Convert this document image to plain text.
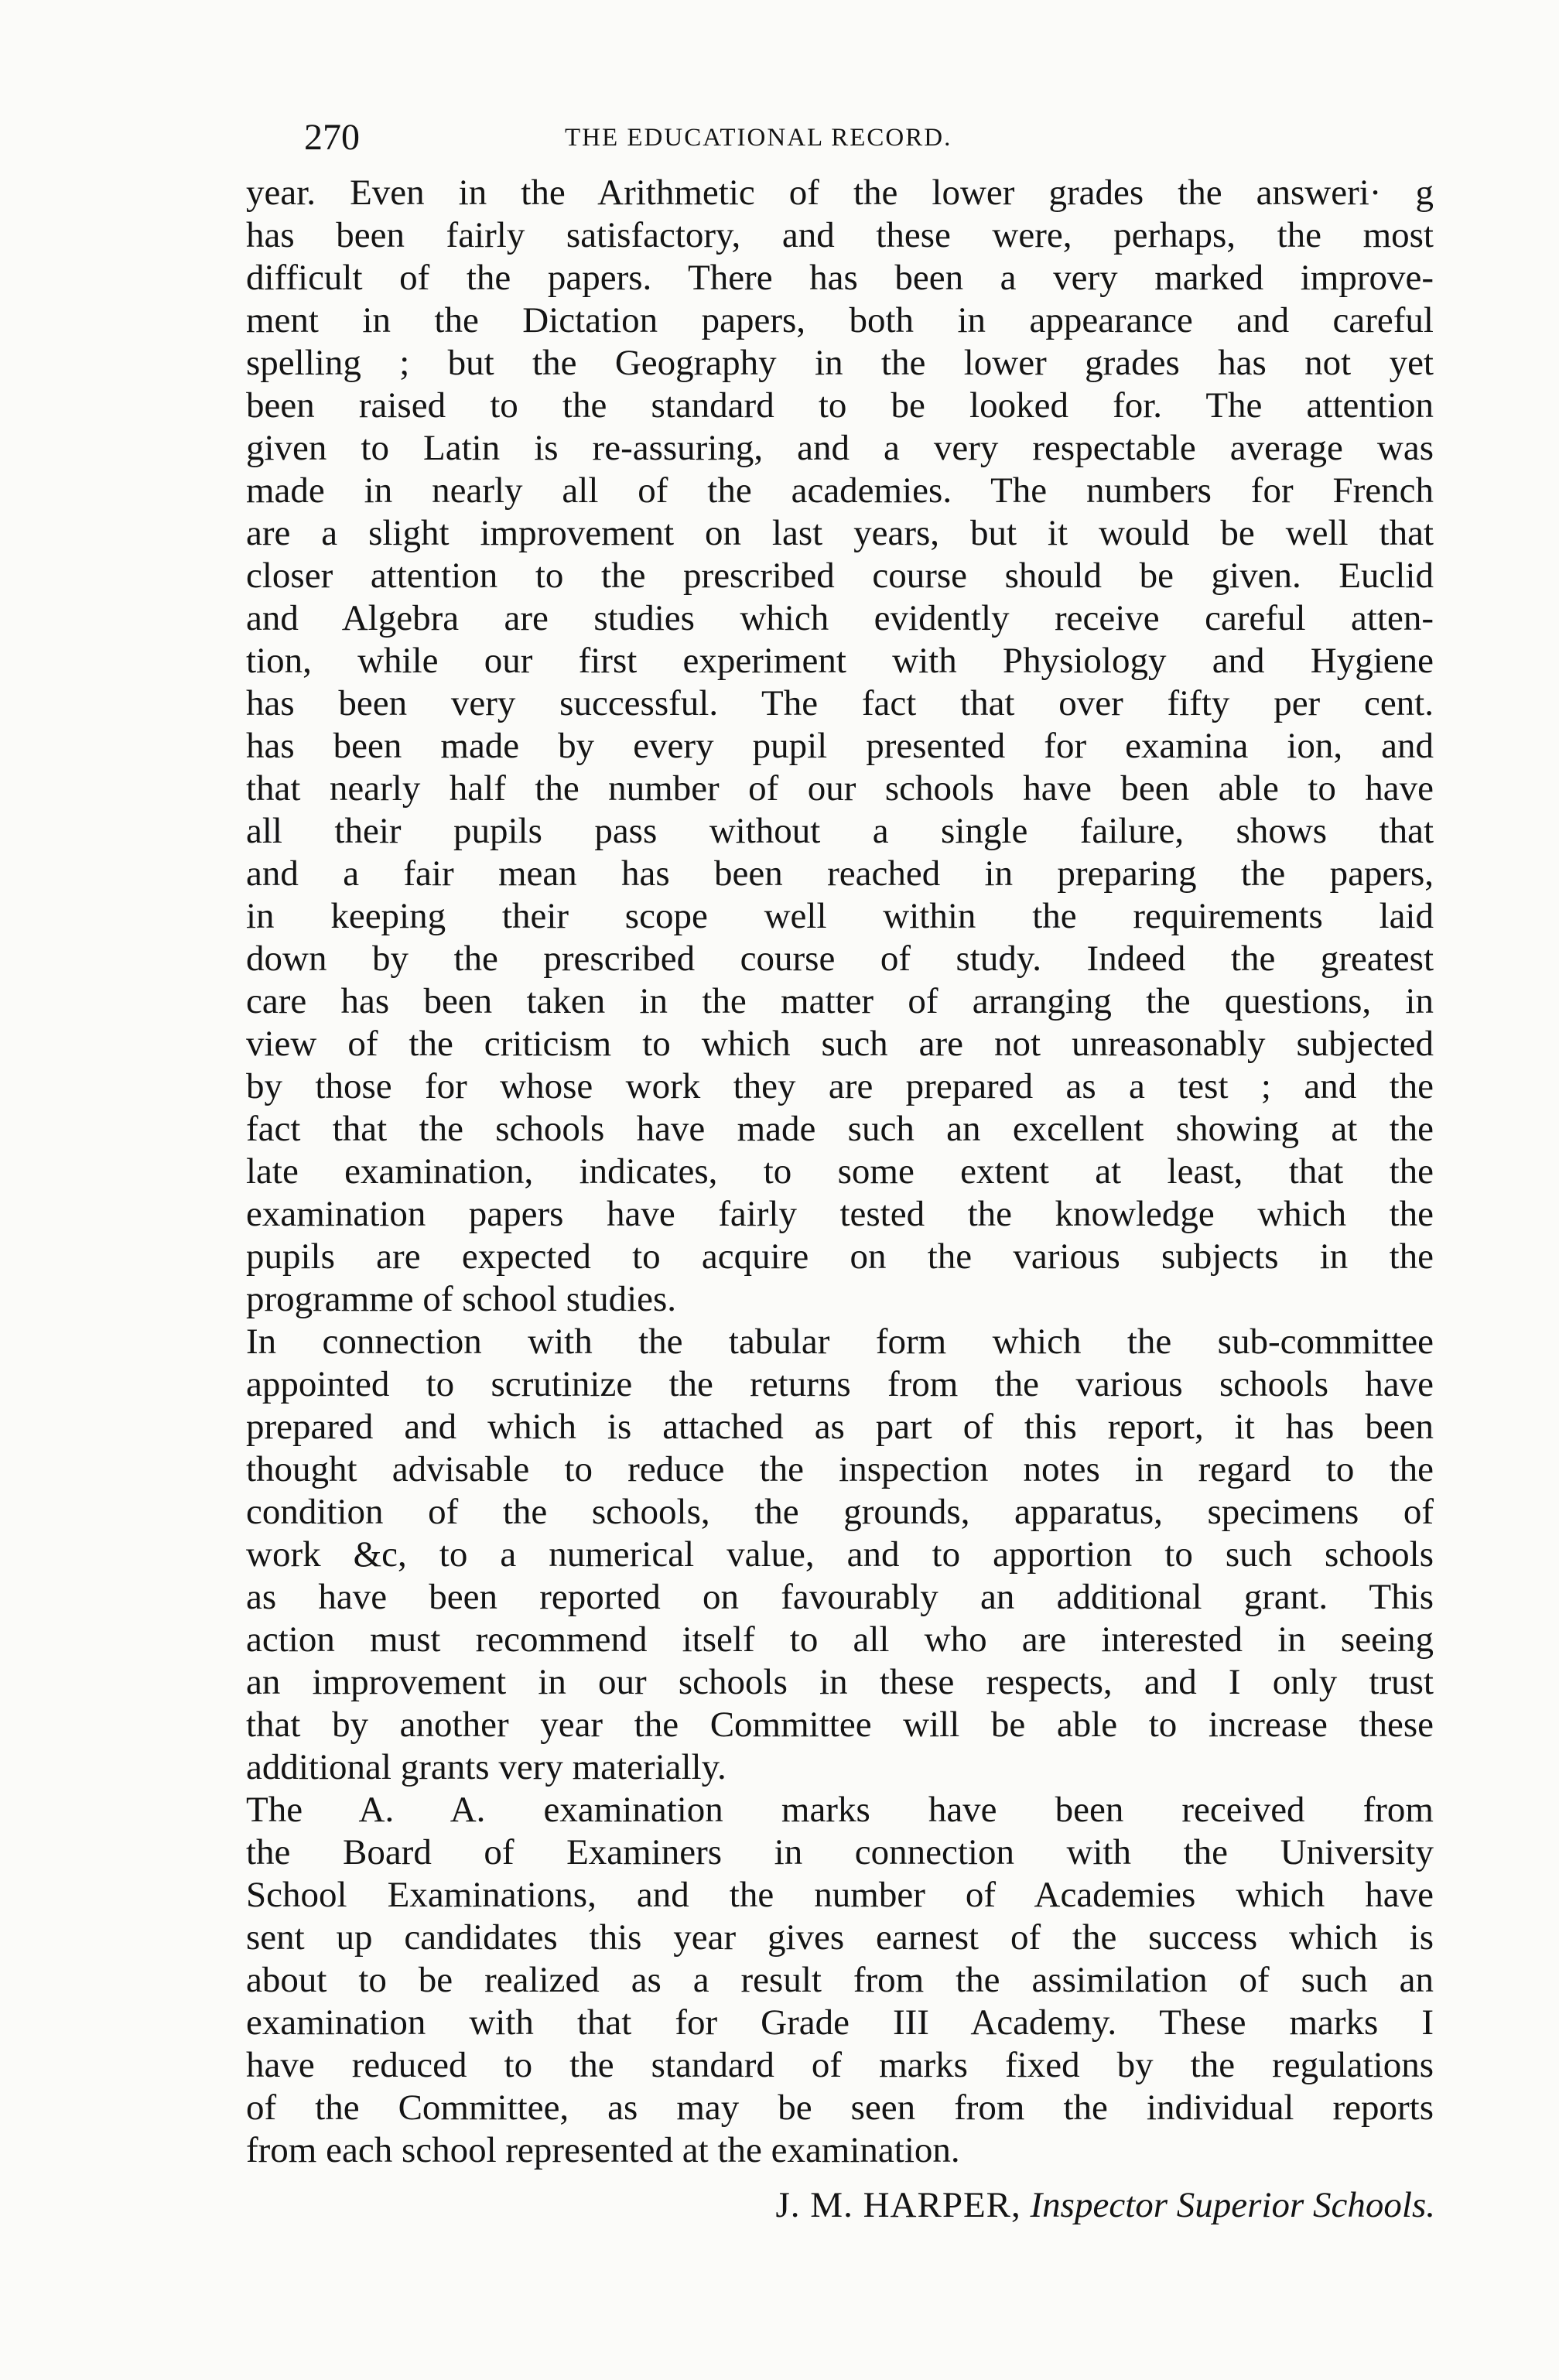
270	THE EDUCATIONAL RECORD.
year. Even in the Arithmetic of the lower grades the answeri· g
has been fairly satisfactory, and these were, perhaps, the most
difficult of the papers. There has been a very marked improve-
ment in the Dictation papers, both in appearance and careful
spelling ; but the Geography in the lower grades has not yet
been raised to the standard to be looked for. The attention
given to Latin is re-assuring, and a very respectable average was
made in nearly all of the academies. The numbers for French
are a slight improvement on last years, but it would be well that
closer attention to the prescribed course should be given. Euclid
and Algebra are studies which evidently receive careful atten-
tion, while our first experiment with Physiology and Hygiene
has been very successful. The fact that over fifty per cent.
has been made by every pupil presented for examina ion, and
that nearly half the number of our schools have been able to have
all their pupils pass without a single failure, shows that
and a fair mean has been reached in preparing the papers,
in keeping their scope well within the requirements laid
down by the prescribed course of study. Indeed the greatest
care has been taken in the matter of arranging the questions, in
view of the criticism to which such are not unreasonably subjected
by those for whose work they are prepared as a test ; and the
fact that the schools have made such an excellent showing at the
late examination, indicates, to some extent at least, that the
examination papers have fairly tested the knowledge which the
pupils are expected to acquire on the various subjects in the
programme of school studies.
In connection with the tabular form which the sub-committee
appointed to scrutinize the returns from the various schools have
prepared and which is attached as part of this report, it has been
thought advisable to reduce the inspection notes in regard to the
condition of the schools, the grounds, apparatus, specimens of
work &c, to a numerical value, and to apportion to such schools
as have been reported on favourably an additional grant. This
action must recommend itself to all who are interested in seeing
an improvement in our schools in these respects, and I only trust
that by another year the Committee will be able to increase these
additional grants very materially.
The A. A. examination marks have been received from
the Board of Examiners in connection with the University
School Examinations, and the number of Academies which have
sent up candidates this year gives earnest of the success which is
about to be realized as a result from the assimilation of such an
examination with that for Grade III Academy. These marks I
have reduced to the standard of marks fixed by the regulations
of the Committee, as may be seen from the individual reports
from each school represented at the examination.
J. M. HARPER, Inspector Superior Schools.
